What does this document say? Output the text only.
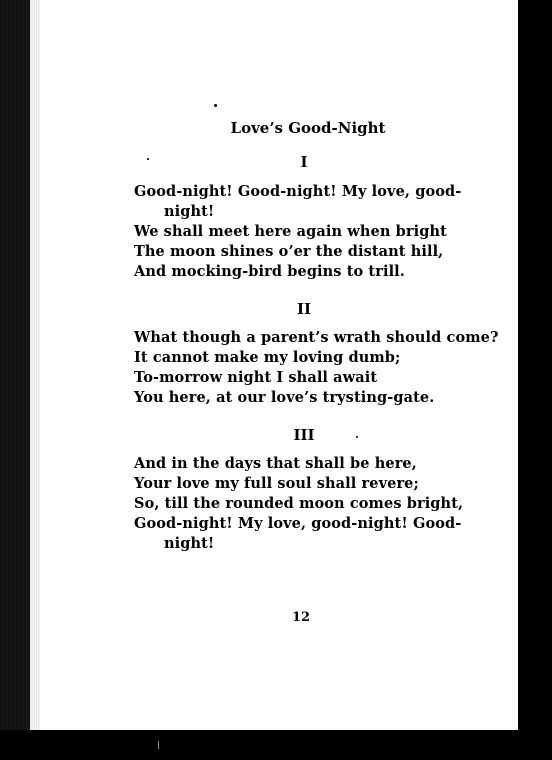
Love’s Good-Night
I
Good-night! Good-night! My love, good-
night!
We shall meet here again when bright
The moon shines o’er the distant hill,
And mocking-bird begins to trill.
II
What though a parent’s wrath should come?
It cannot make my loving dumb;
To-morrow night I shall await
You here, at our love’s trysting-gate.
III
And in the days that shall be here,
Your love my full soul shall revere;
So, till the rounded moon comes bright,
Good-night! My love, good-night! Good-
night!
12
